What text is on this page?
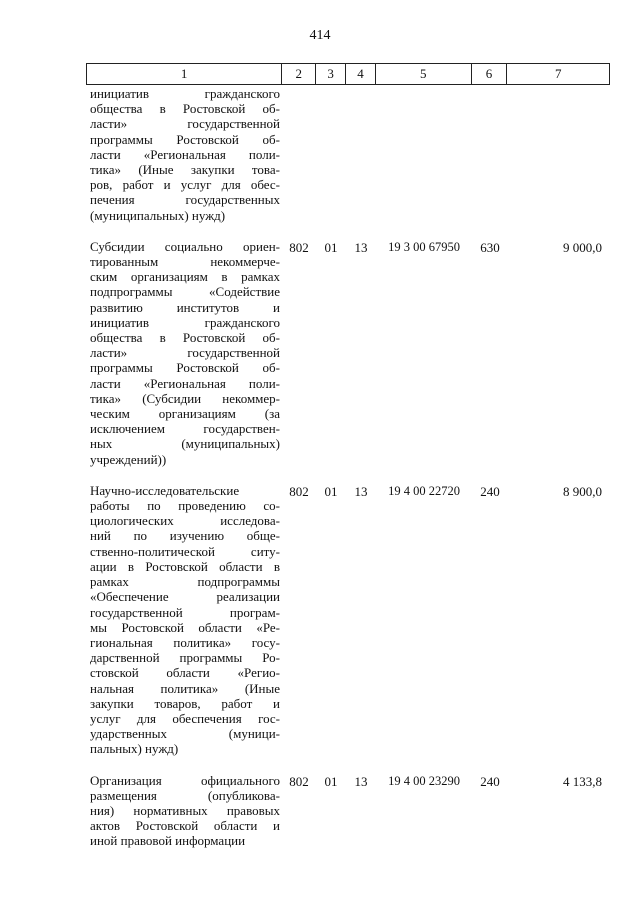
414
1	2	3	4	5	6	7
инициатив гражданского
общества в Ростовской об-
ласти» государственной
программы Ростовской об-
ласти «Региональная поли-
тика» (Иные закупки това-
ров, работ и услуг для обес-
печения государственных
(муниципальных) нужд)
Субсидии социально ориен-
тированным некоммерче-
ским организациям в рамках
подпрограммы «Содействие
развитию институтов и
инициатив гражданского
общества в Ростовской об-
ласти» государственной
программы Ростовской об-
ласти «Региональная поли-
тика» (Субсидии некоммер-
ческим организациям (за
исключением государствен-
ных (муниципальных)
учреждений))
802	01	13	19 3 00 67950	630	9 000,0
Научно-исследовательские
работы по проведению со-
циологических исследова-
ний по изучению обще-
ственно-политической ситу-
ации в Ростовской области в
рамках подпрограммы
«Обеспечение реализации
государственной програм-
мы Ростовской области «Ре-
гиональная политика» госу-
дарственной программы Ро-
стовской области «Регио-
нальная политика» (Иные
закупки товаров, работ и
услуг для обеспечения гос-
ударственных (муници-
пальных) нужд)
802	01	13	19 4 00 22720	240	8 900,0
Организация официального
размещения (опубликова-
ния) нормативных правовых
актов Ростовской области и
иной правовой информации
802	01	13	19 4 00 23290	240	4 133,8
